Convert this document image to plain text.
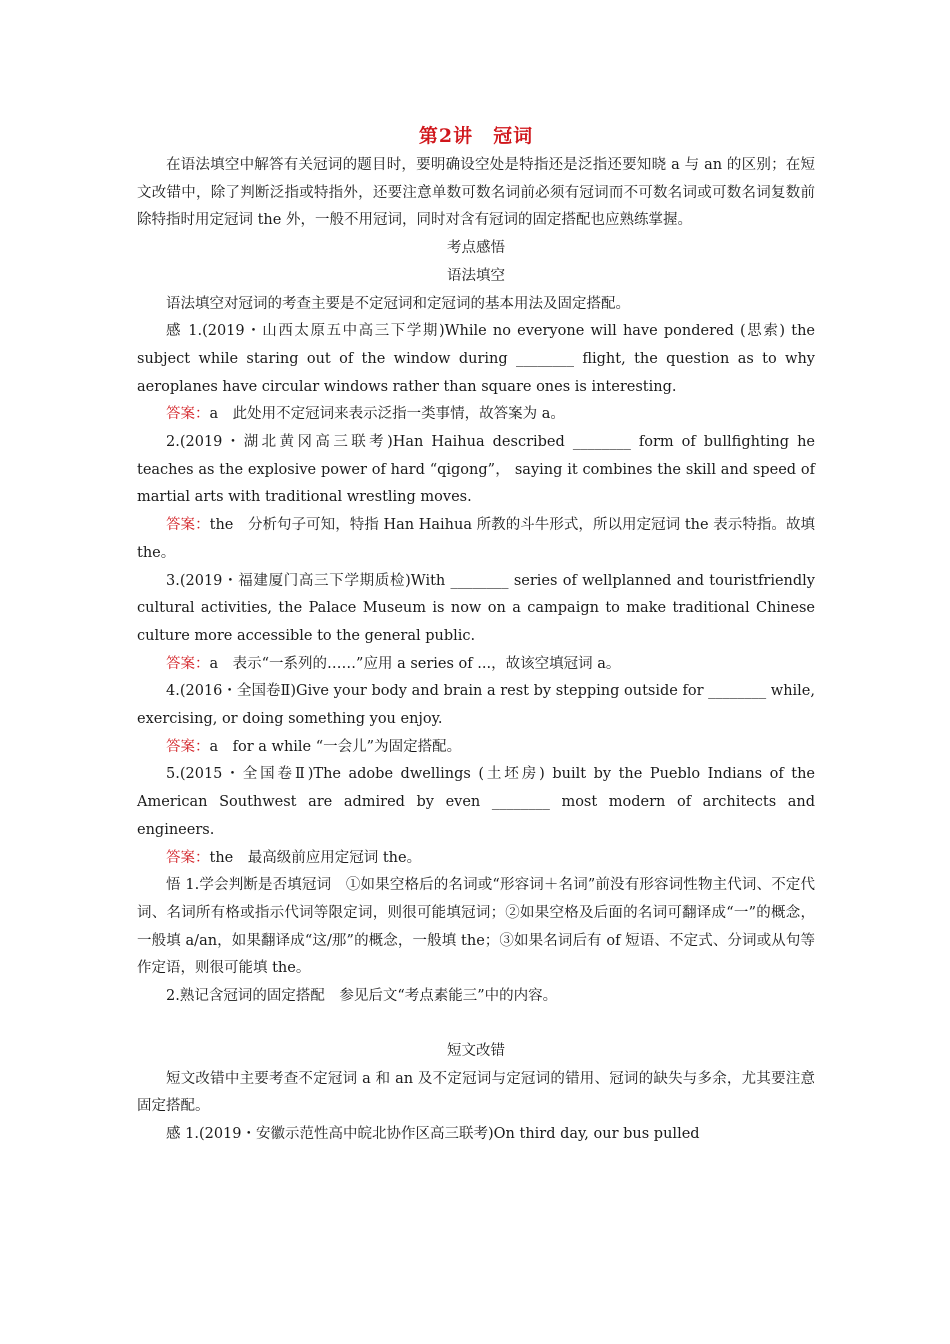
第2讲　冠词

在语法填空中解答有关冠词的题目时，要明确设空处是特指还是泛指还要知晓 a 与 an 的区别；在短文改错中，除了判断泛指或特指外，还要注意单数可数名词前必须有冠词而不可数名词或可数名词复数前除特指时用定冠词 the 外，一般不用冠词，同时对含有冠词的固定搭配也应熟练掌握。

考点感悟

语法填空

语法填空对冠词的考查主要是不定冠词和定冠词的基本用法及固定搭配。

感 1.(2019・山西太原五中高三下学期)While no everyone will have pondered (思索) the subject while staring out of the window during ________ flight, the question as to why aeroplanes have circular windows rather than square ones is interesting.

答案：a　此处用不定冠词来表示泛指一类事情，故答案为 a。

2.(2019・湖北黄冈高三联考)Han Haihua described ________ form of bullfighting he teaches as the explosive power of hard “qigong”， saying it combines the skill and speed of martial arts with traditional wrestling moves.

答案：the　分析句子可知，特指 Han Haihua 所教的斗牛形式，所以用定冠词 the 表示特指。故填 the。

3.(2019・福建厦门高三下学期质检)With ________ series of wellplanned and touristfriendly cultural activities, the Palace Museum is now on a campaign to make traditional Chinese culture more accessible to the general public.

答案：a　表示“一系列的……”应用 a series of ...，故该空填冠词 a。

4.(2016・全国卷Ⅱ)Give your body and brain a rest by stepping outside for ________ while, exercising, or doing something you enjoy.

答案：a　for a while “一会儿”为固定搭配。

5.(2015・全国卷Ⅱ)The adobe dwellings (土坯房) built by the Pueblo Indians of the American Southwest are admired by even ________ most modern of architects and engineers.

答案：the　最高级前应用定冠词 the。

悟 1.学会判断是否填冠词　①如果空格后的名词或“形容词＋名词”前没有形容词性物主代词、不定代词、名词所有格或指示代词等限定词，则很可能填冠词；②如果空格及后面的名词可翻译成“一”的概念，一般填 a/an，如果翻译成“这/那”的概念，一般填 the；③如果名词后有 of 短语、不定式、分词或从句等作定语，则很可能填 the。

2.熟记含冠词的固定搭配　参见后文“考点素能三”中的内容。

短文改错

短文改错中主要考查不定冠词 a 和 an 及不定冠词与定冠词的错用、冠词的缺失与多余，尤其要注意固定搭配。

感 1.(2019・安徽示范性高中皖北协作区高三联考)On third day, our bus pulled
